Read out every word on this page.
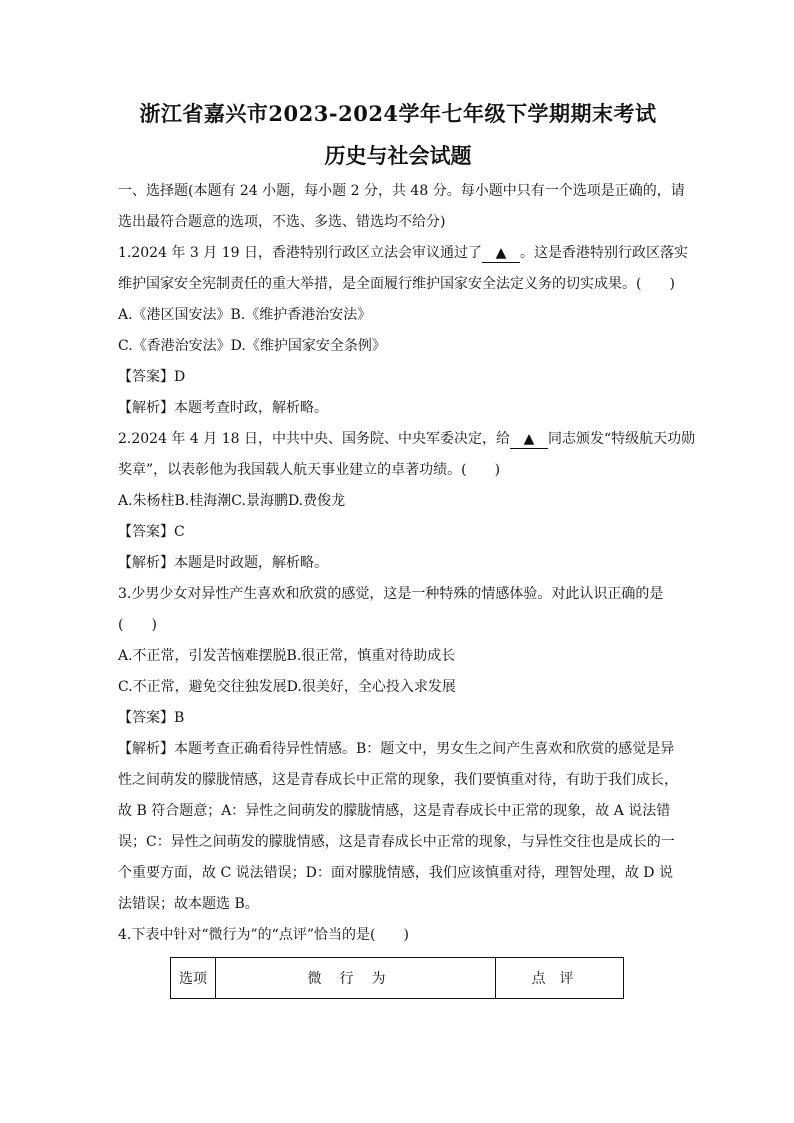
浙江省嘉兴市2023-2024学年七年级下学期期末考试

历史与社会试题

一、选择题(本题有 24 小题，每小题 2 分，共 48 分。每小题中只有一个选项是正确的，请

选出最符合题意的选项，不选、多选、错选均不给分)

1.2024 年 3 月 19 日，香港特别行政区立法会审议通过了 ▲ 。这是香港特别行政区落实

维护国家安全宪制责任的重大举措，是全面履行维护国家安全法定义务的切实成果。(　　)

A.《港区国安法》B.《维护香港治安法》

C.《香港治安法》D.《维护国家安全条例》

【答案】D

【解析】本题考查时政，解析略。

2.2024 年 4 月 18 日，中共中央、国务院、中央军委决定，给 ▲ 同志颁发“特级航天功勋

奖章”，以表彰他为我国载人航天事业建立的卓著功绩。(　　)

A.朱杨柱B.桂海潮C.景海鹏D.费俊龙

【答案】C

【解析】本题是时政题，解析略。

3.少男少女对异性产生喜欢和欣赏的感觉，这是一种特殊的情感体验。对此认识正确的是

(　　)

A.不正常，引发苦恼难摆脱B.很正常，慎重对待助成长

C.不正常，避免交往独发展D.很美好，全心投入求发展

【答案】B

【解析】本题考查正确看待异性情感。B：题文中，男女生之间产生喜欢和欣赏的感觉是异

性之间萌发的朦胧情感，这是青春成长中正常的现象，我们要慎重对待，有助于我们成长，

故 B 符合题意；A：异性之间萌发的朦胧情感，这是青春成长中正常的现象，故 A 说法错

误；C：异性之间萌发的朦胧情感，这是青春成长中正常的现象，与异性交往也是成长的一

个重要方面，故 C 说法错误；D：面对朦胧情感，我们应该慎重对待，理智处理，故 D 说

法错误；故本题选 B。

4.下表中针对“微行为”的“点评”恰当的是(　　)

选项	微行为	点评
